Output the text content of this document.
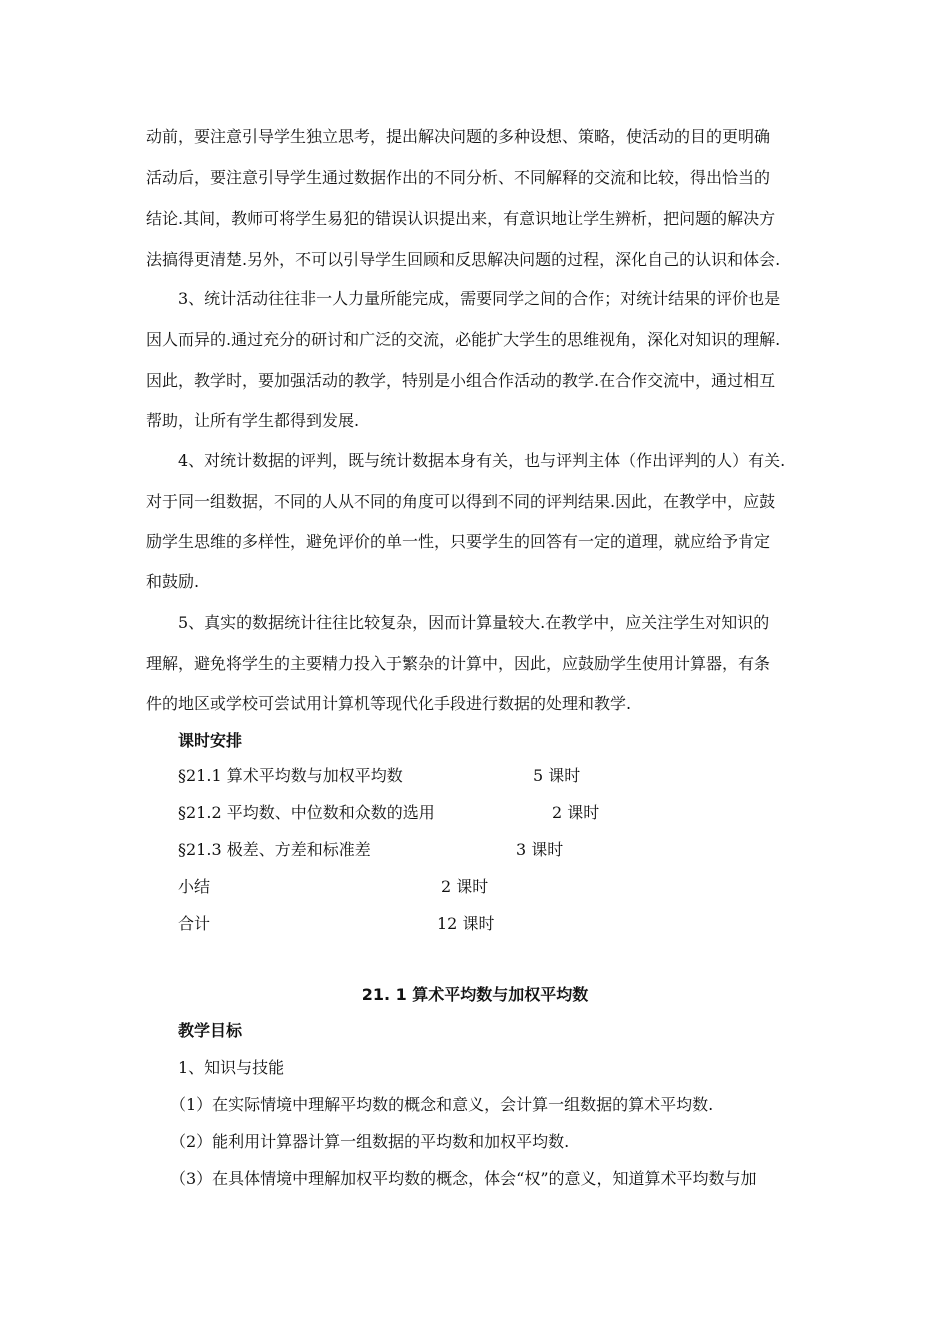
动前，要注意引导学生独立思考，提出解决问题的多种设想、策略，使活动的目的更明确
活动后，要注意引导学生通过数据作出的不同分析、不同解释的交流和比较，得出恰当的
结论.其间，教师可将学生易犯的错误认识提出来，有意识地让学生辨析，把问题的解决方
法搞得更清楚.另外，不可以引导学生回顾和反思解决问题的过程，深化自己的认识和体会.
3、统计活动往往非一人力量所能完成，需要同学之间的合作；对统计结果的评价也是
因人而异的.通过充分的研讨和广泛的交流，必能扩大学生的思维视角，深化对知识的理解.
因此，教学时，要加强活动的教学，特别是小组合作活动的教学.在合作交流中，通过相互
帮助，让所有学生都得到发展.
4、对统计数据的评判，既与统计数据本身有关，也与评判主体（作出评判的人）有关.
对于同一组数据，不同的人从不同的角度可以得到不同的评判结果.因此，在教学中，应鼓
励学生思维的多样性，避免评价的单一性，只要学生的回答有一定的道理，就应给予肯定
和鼓励.
5、真实的数据统计往往比较复杂，因而计算量较大.在教学中，应关注学生对知识的
理解，避免将学生的主要精力投入于繁杂的计算中，因此，应鼓励学生使用计算器，有条
件的地区或学校可尝试用计算机等现代化手段进行数据的处理和教学.
课时安排
§21.1 算术平均数与加权平均数	5 课时
§21.2 平均数、中位数和众数的选用	2 课时
§21.3 极差、方差和标准差	3 课时
小结	2 课时
合计	12 课时
21. 1 算术平均数与加权平均数
教学目标
1、知识与技能
（1）在实际情境中理解平均数的概念和意义，会计算一组数据的算术平均数.
（2）能利用计算器计算一组数据的平均数和加权平均数.
（3）在具体情境中理解加权平均数的概念，体会“权”的意义，知道算术平均数与加
